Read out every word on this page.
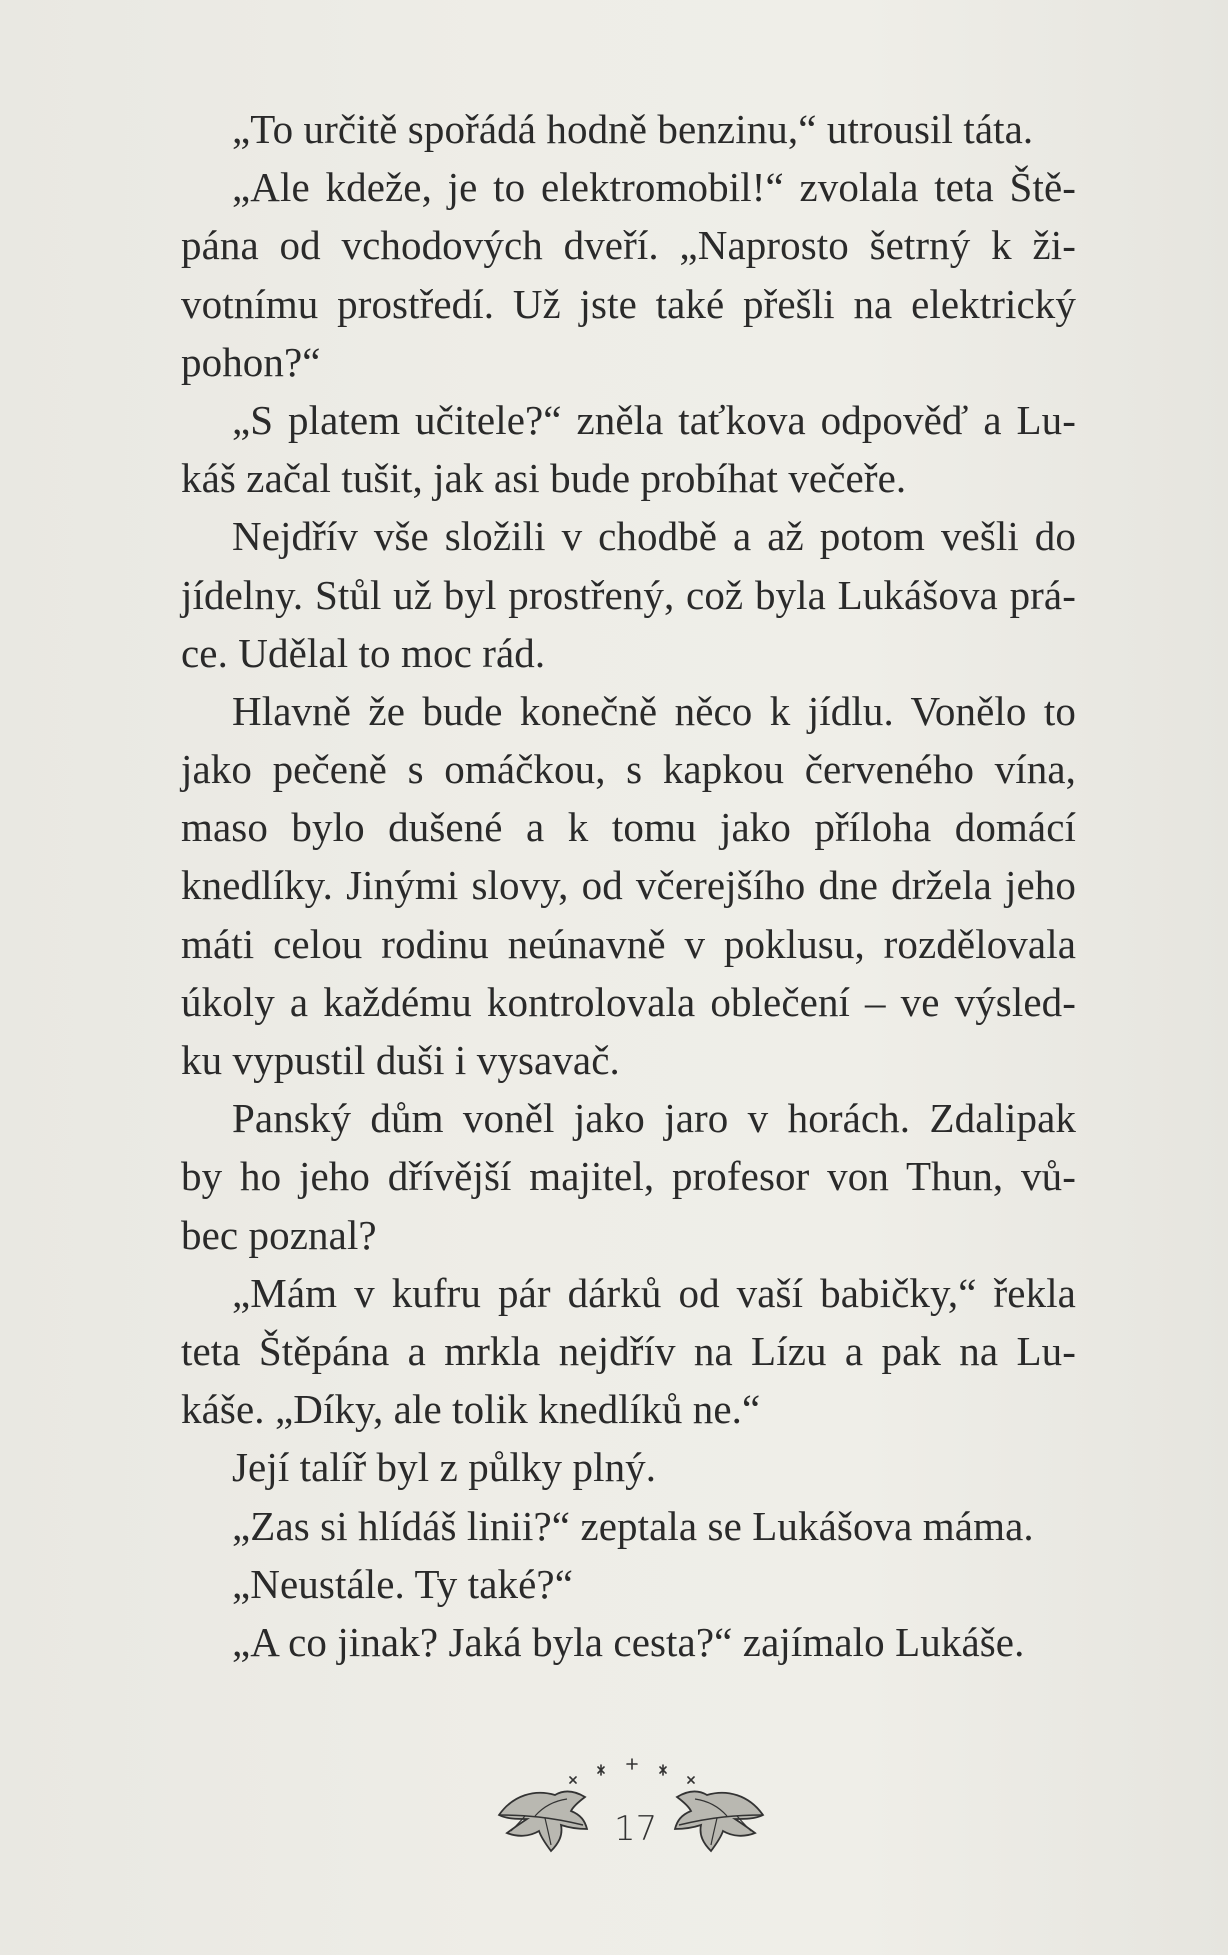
„To určitě spořádá hodně benzinu,“ utrousil táta.
„Ale kdeže, je to elektromobil!“ zvolala teta Ště-
pána od vchodových dveří. „Naprosto šetrný k ži-
votnímu prostředí. Už jste také přešli na elektrický
pohon?“
„S platem učitele?“ zněla taťkova odpověď a Lu-
káš začal tušit, jak asi bude probíhat večeře.
Nejdřív vše složili v chodbě a až potom vešli do
jídelny. Stůl už byl prostřený, což byla Lukášova prá-
ce. Udělal to moc rád.
Hlavně že bude konečně něco k jídlu. Vonělo to
jako pečeně s omáčkou, s kapkou červeného vína,
maso bylo dušené a k tomu jako příloha domácí
knedlíky. Jinými slovy, od včerejšího dne držela jeho
máti celou rodinu neúnavně v poklusu, rozdělovala
úkoly a každému kontrolovala oblečení – ve výsled-
ku vypustil duši i vysavač.
Panský dům voněl jako jaro v horách. Zdalipak
by ho jeho dřívější majitel, profesor von Thun, vů-
bec poznal?
„Mám v kufru pár dárků od vaší babičky,“ řekla
teta Štěpána a mrkla nejdřív na Lízu a pak na Lu-
káše. „Díky, ale tolik knedlíků ne.“
Její talíř byl z půlky plný.
„Zas si hlídáš linii?“ zeptala se Lukášova máma.
„Neustále. Ty také?“
„A co jinak? Jaká byla cesta?“ zajímalo Lukáše.
17
